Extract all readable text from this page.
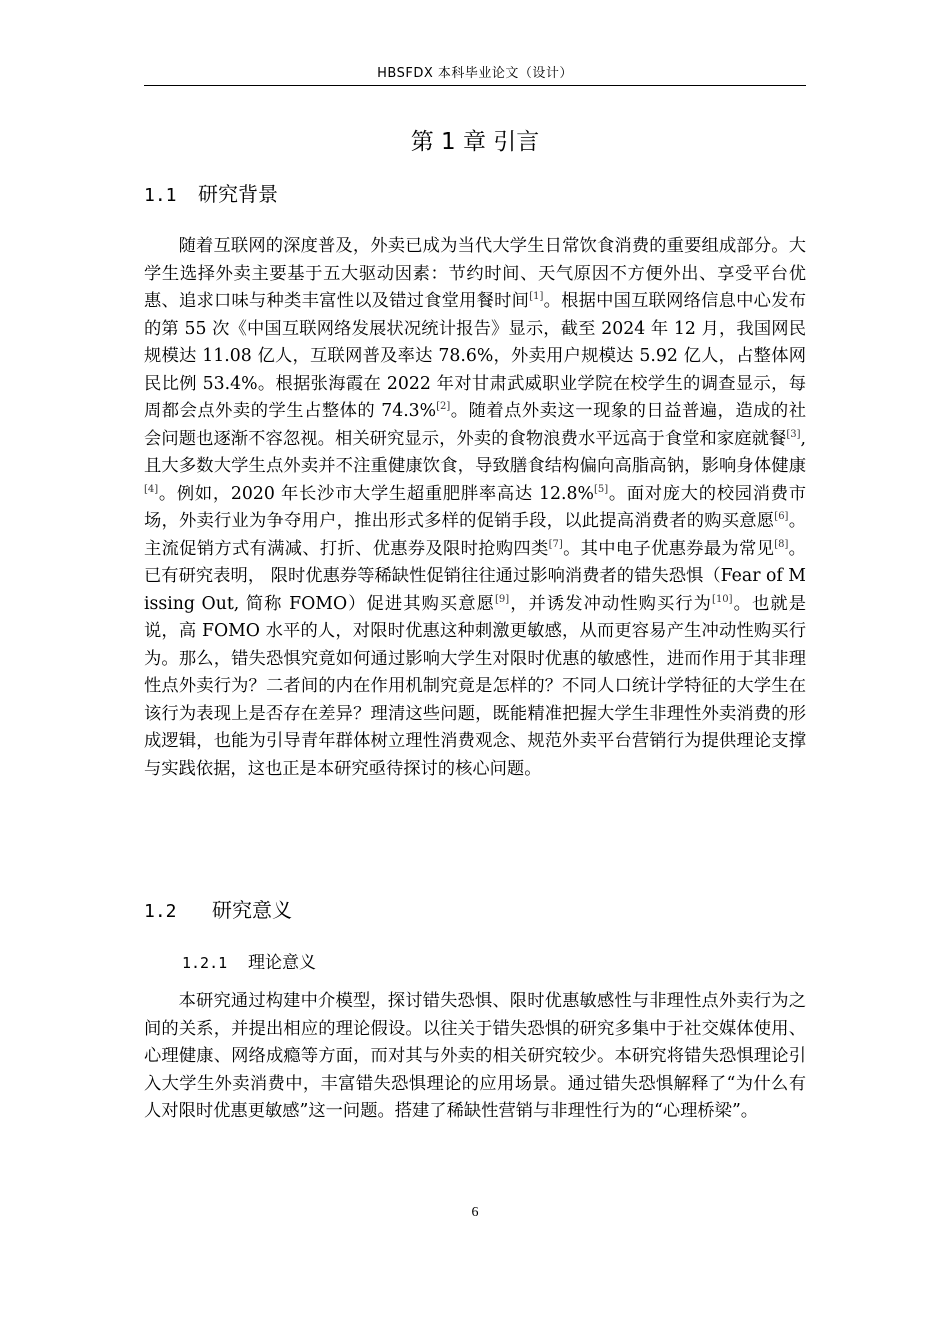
HBSFDX 本科毕业论文（设计）
第 1 章 引言
1.1 研究背景

随着互联网的深度普及，外卖已成为当代大学生日常饮食消费的重要组成部分。大学生选择外卖主要基于五大驱动因素：节约时间、天气原因不方便外出、享受平台优惠、追求口味与种类丰富性以及错过食堂用餐时间[1]。根据中国互联网络信息中心发布的第 55 次《中国互联网络发展状况统计报告》显示，截至 2024 年 12 月，我国网民规模达 11.08 亿人，互联网普及率达 78.6%，外卖用户规模达 5.92 亿人，占整体网民比例 53.4%。根据张海霞在 2022 年对甘肃武威职业学院在校学生的调查显示，每周都会点外卖的学生占整体的 74.3%[2]。随着点外卖这一现象的日益普遍，造成的社会问题也逐渐不容忽视。相关研究显示，外卖的食物浪费水平远高于食堂和家庭就餐[3], 且大多数大学生点外卖并不注重健康饮食，导致膳食结构偏向高脂高钠，影响身体健康[4]。例如，2020 年长沙市大学生超重肥胖率高达 12.8%[5]。面对庞大的校园消费市场，外卖行业为争夺用户，推出形式多样的促销手段，以此提高消费者的购买意愿[6]。主流促销方式有满减、打折、优惠券及限时抢购四类[7]。其中电子优惠券最为常见[8]。已有研究表明， 限时优惠券等稀缺性促销往往通过影响消费者的错失恐惧（Fear of Missing Out, 简称 FOMO）促进其购买意愿[9]，并诱发冲动性购买行为[10]。也就是说，高 FOMO 水平的人，对限时优惠这种刺激更敏感，从而更容易产生冲动性购买行为。那么，错失恐惧究竟如何通过影响大学生对限时优惠的敏感性，进而作用于其非理性点外卖行为？二者间的内在作用机制究竟是怎样的？不同人口统计学特征的大学生在该行为表现上是否存在差异？理清这些问题，既能精准把握大学生非理性外卖消费的形成逻辑，也能为引导青年群体树立理性消费观念、规范外卖平台营销行为提供理论支撑与实践依据，这也正是本研究亟待探讨的核心问题。

1.2 研究意义
1.2.1 理论意义

本研究通过构建中介模型，探讨错失恐惧、限时优惠敏感性与非理性点外卖行为之间的关系，并提出相应的理论假设。以往关于错失恐惧的研究多集中于社交媒体使用、心理健康、网络成瘾等方面，而对其与外卖的相关研究较少。本研究将错失恐惧理论引入大学生外卖消费中，丰富错失恐惧理论的应用场景。通过错失恐惧解释了“为什么有人对限时优惠更敏感”这一问题。搭建了稀缺性营销与非理性行为的“心理桥梁”。

6
